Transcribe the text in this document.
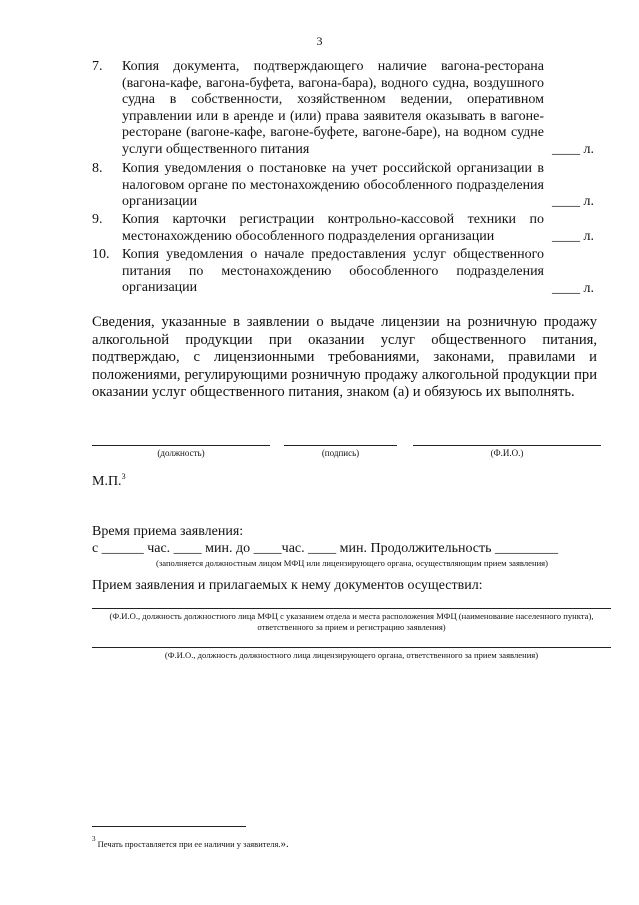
3
7. Копия документа, подтверждающего наличие вагона-ресторана (вагона-кафе, вагона-буфета, вагона-бара), водного судна, воздушного судна в собственности, хозяйственном ведении, оперативном управлении или в аренде и (или) права заявителя оказывать в вагоне-ресторане (вагоне-кафе, вагоне-буфете, вагоне-баре), на водном судне услуги общественного питания	____ л.
8. Копия уведомления о постановке на учет российской организации в налоговом органе по местонахождению обособленного подразделения организации	____ л.
9. Копия карточки регистрации контрольно-кассовой техники по местонахождению обособленного подразделения организации	____ л.
10. Копия уведомления о начале предоставления услуг общественного питания по местонахождению обособленного подразделения организации	____ л.
Сведения, указанные в заявлении о выдаче лицензии на розничную продажу алкогольной продукции при оказании услуг общественного питания, подтверждаю, с лицензионными требованиями, законами, правилами и положениями, регулирующими розничную продажу алкогольной продукции при оказании услуг общественного питания, знаком (а) и обязуюсь их выполнять.
(должность)	(подпись)	(Ф.И.О.)
М.П.$^3$
Время приема заявления:
с ______ час. ____ мин. до ____час. ____ мин. Продолжительность _________
(заполняется должностным лицом МФЦ или лицензирующего органа, осуществляющим прием заявления)
Прием заявления и прилагаемых к нему документов осуществил:
(Ф.И.О., должность должностного лица МФЦ с указанием отдела и места расположения МФЦ (наименование населенного пункта), ответственного за прием и регистрацию заявления)
(Ф.И.О., должность должностного лица лицензирующего органа, ответственного за прием заявления)
$^3$ Печать проставляется при ее наличии у заявителя.».
